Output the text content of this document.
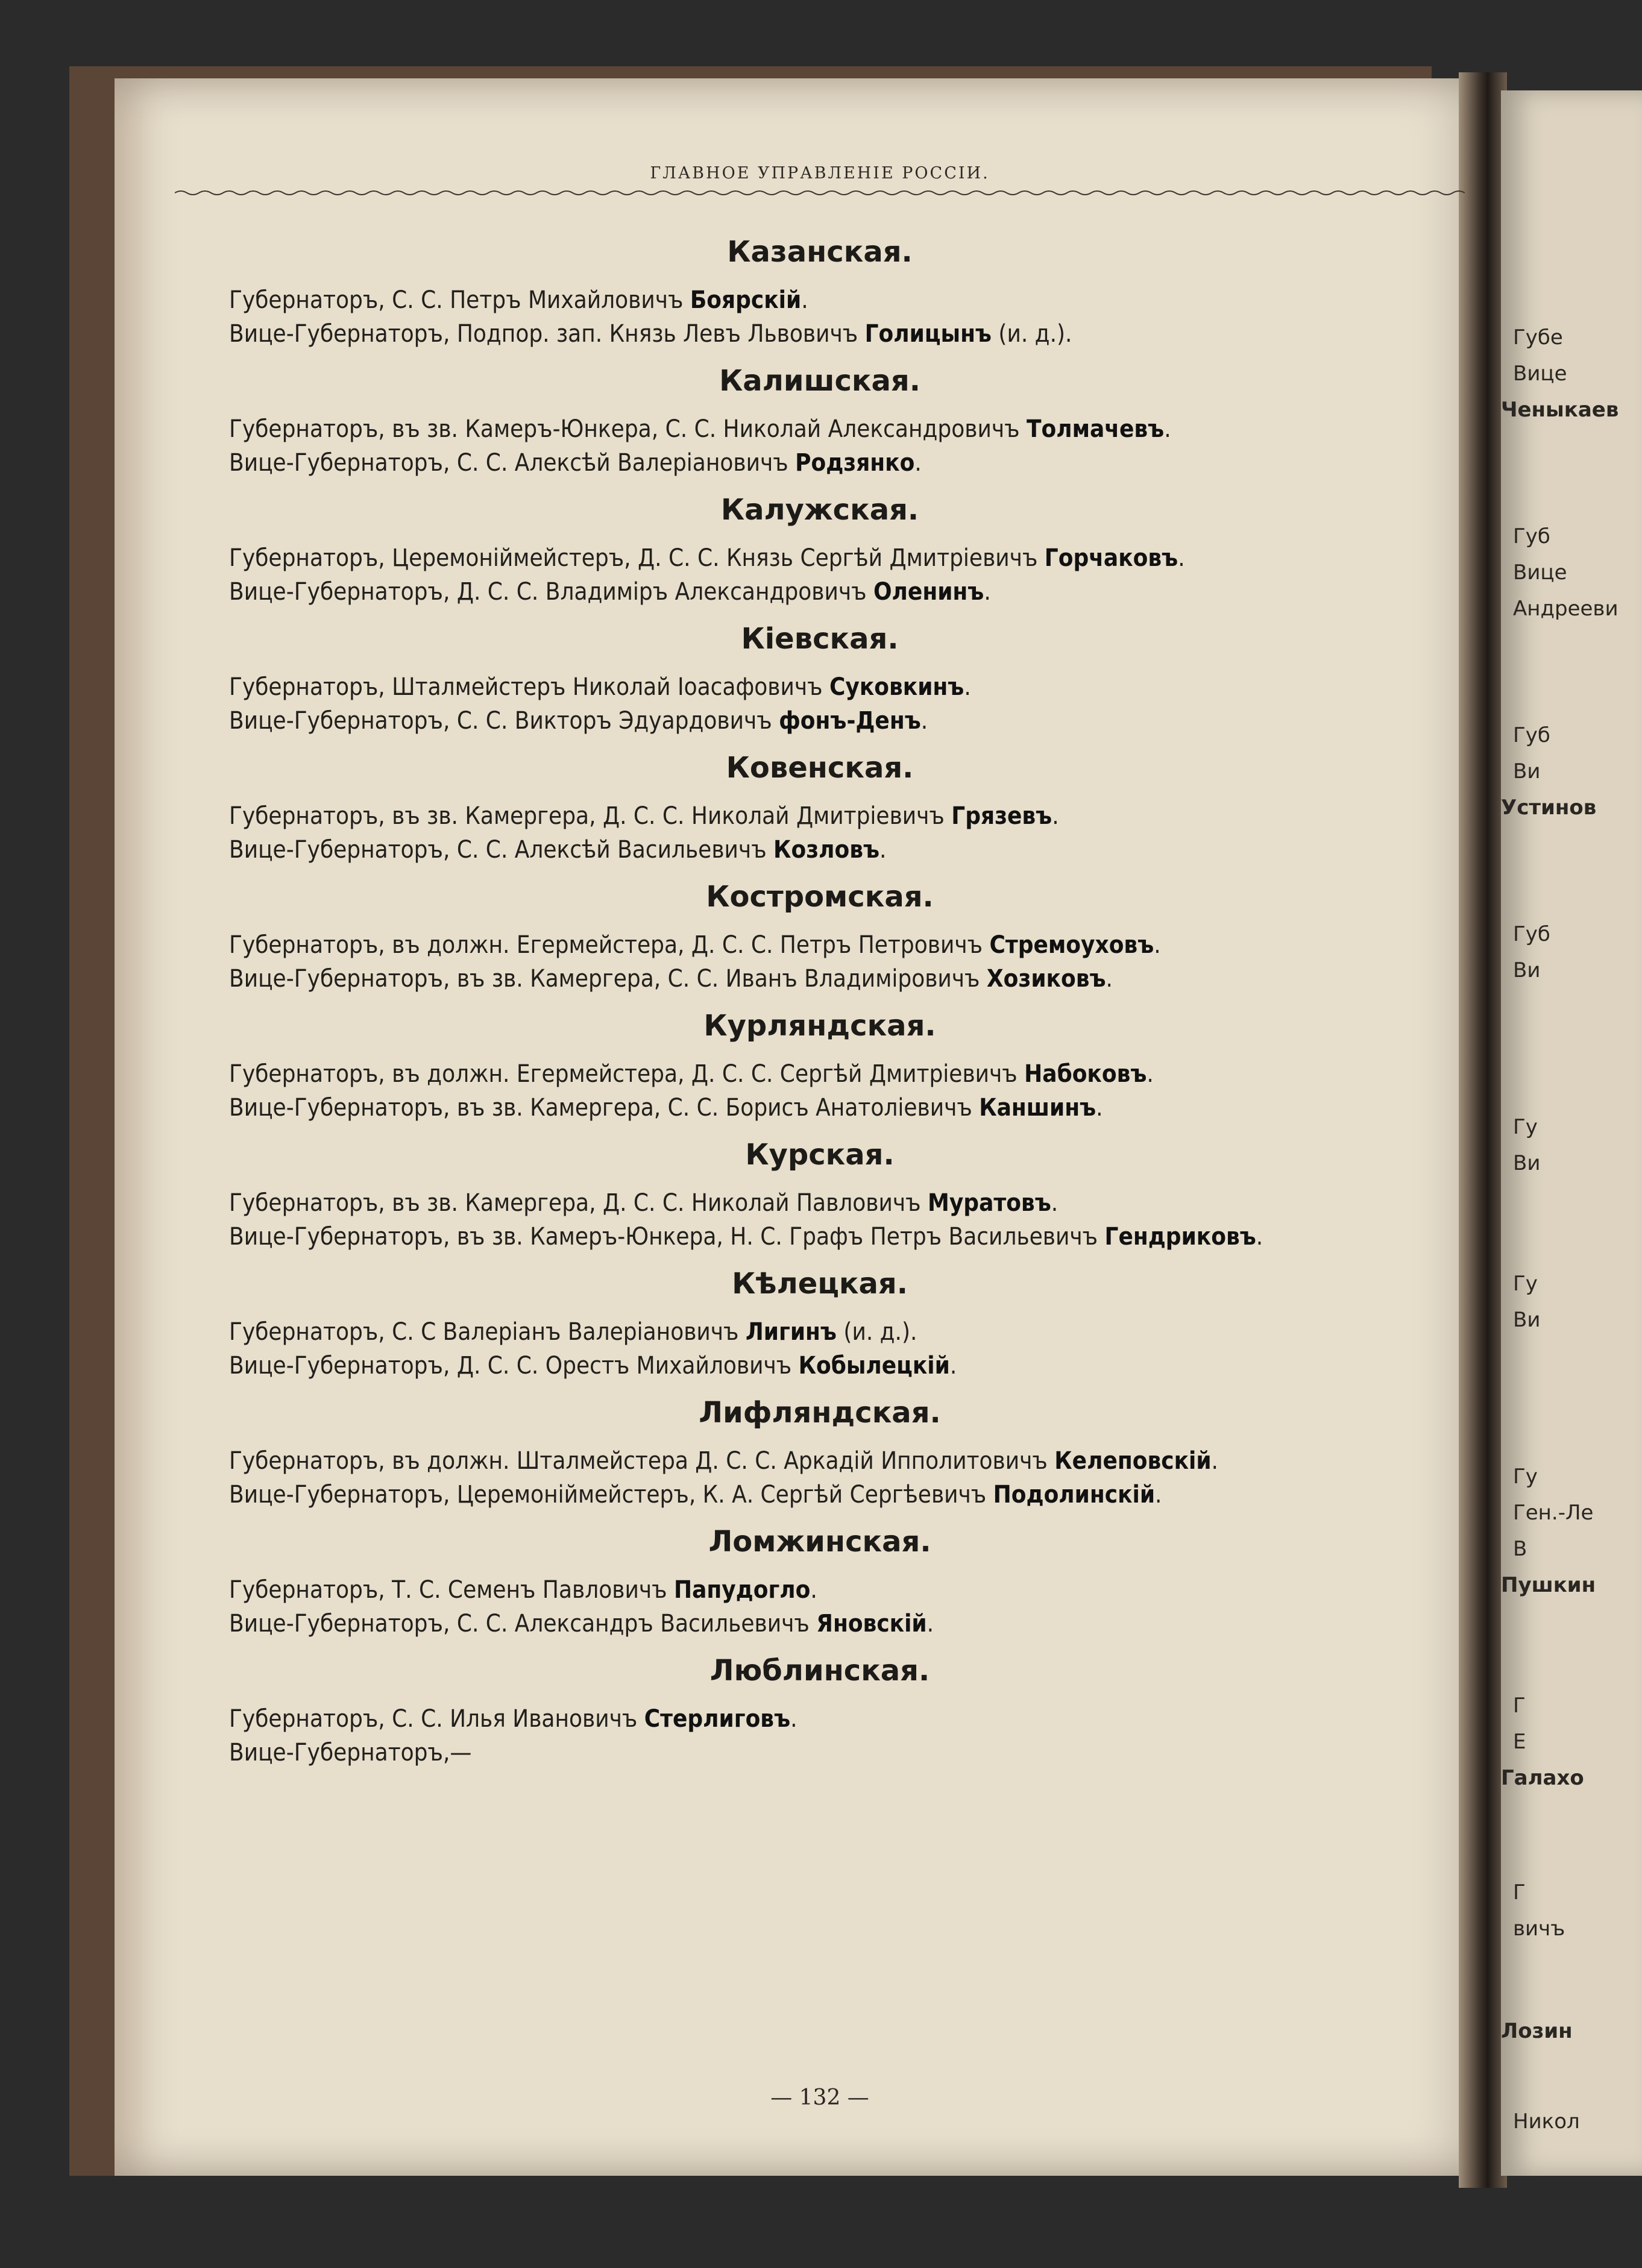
ГЛАВНОЕ УПРАВЛЕНІЕ РОССІИ.
Казанская.

Губернаторъ, С. С. Петръ Михайловичъ Боярскій.

Вице-Губернаторъ, Подпор. зап. Князь Левъ Львовичъ Голицынъ (и. д.).

Калишская.

Губернаторъ, въ зв. Камеръ-Юнкера, С. С. Николай Александровичъ Толмачевъ.

Вице-Губернаторъ, С. С. Алексѣй Валеріановичъ Родзянко.

Калужская.

Губернаторъ, Церемоніймейстеръ, Д. С. С. Князь Сергѣй Дмитріевичъ Горчаковъ.

Вице-Губернаторъ, Д. С. С. Владиміръ Александровичъ Оленинъ.

Кіевская.

Губернаторъ, Шталмейстеръ Николай Іоасафовичъ Суковкинъ.

Вице-Губернаторъ, С. С. Викторъ Эдуардовичъ фонъ-Денъ.

Ковенская.

Губернаторъ, въ зв. Камергера, Д. С. С. Николай Дмитріевичъ Грязевъ.

Вице-Губернаторъ, С. С. Алексѣй Васильевичъ Козловъ.

Костромская.

Губернаторъ, въ должн. Егермейстера, Д. С. С. Петръ Петровичъ Стремоуховъ.

Вице-Губернаторъ, въ зв. Камергера, С. С. Иванъ Владиміровичъ Хозиковъ.

Курляндская.

Губернаторъ, въ должн. Егермейстера, Д. С. С. Сергѣй Дмитріевичъ Набоковъ.

Вице-Губернаторъ, въ зв. Камергера, С. С. Борисъ Анатоліевичъ Каншинъ.

Курская.

Губернаторъ, въ зв. Камергера, Д. С. С. Николай Павловичъ Муратовъ.

Вице-Губернаторъ, въ зв. Камеръ-Юнкера, Н. С. Графъ Петръ Васильевичъ Гендриковъ.

Кѣлецкая.

Губернаторъ, С. С Валеріанъ Валеріановичъ Лигинъ (и. д.).

Вице-Губернаторъ, Д. С. С. Орестъ Михайловичъ Кобылецкій.

Лифляндская.

Губернаторъ, въ должн. Шталмейстера Д. С. С. Аркадій Ипполитовичъ Келеповскій.

Вице-Губернаторъ, Церемоніймейстеръ, К. А. Сергѣй Сергѣевичъ Подолинскій.

Ломжинская.

Губернаторъ, Т. С. Семенъ Павловичъ Папудогло.

Вице-Губернаторъ, С. С. Александръ Васильевичъ Яновскій.

Люблинская.

Губернаторъ, С. С. Илья Ивановичъ Стерлиговъ.

Вице-Губернаторъ,—

— 132 —
Губе
Вице
Ченыкаев
Губ
Вице
Андрееви
Губ
Ви
Устинов
Губ
Ви
Гу
Ви
Гу
Ви
Гу
Ген.-Ле
В
Пушкин
Г
Е
Галахо
Г
вичъ
Лозин
Никол
